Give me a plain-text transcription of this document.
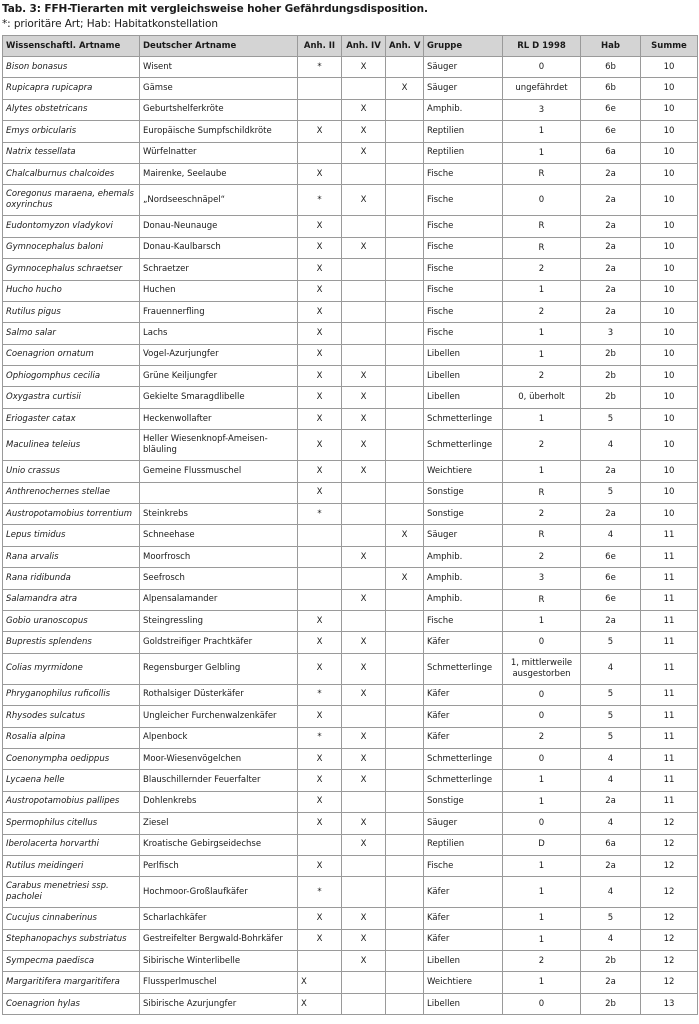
Tab. 3: FFH-Tierarten mit vergleichsweise hoher Gefährdungsdisposition.
*: prioritäre Art; Hab: Habitatkonstellation
Wissenschaftl. Artname	Deutscher Artname	Anh. II	Anh. IV	Anh. V	Gruppe	RL D 1998	Hab	Summe
Bison bonasus	Wisent	*	X		Säuger	0	6b	10
Rupicapra rupicapra	Gämse			X	Säuger	ungefährdet	6b	10
Alytes obstetricans	Geburtshelferkröte		X		Amphib.	3	6e	10
Emys orbicularis	Europäische Sumpfschildkröte	X	X		Reptilien	1	6e	10
Natrix tessellata	Würfelnatter		X		Reptilien	1	6a	10
Chalcalburnus chalcoides	Mairenke, Seelaube	X			Fische	R	2a	10
Coregonus maraena, ehemals oxyrinchus	„Nordseeschnäpel“	*	X		Fische	0	2a	10
Eudontomyzon vladykovi	Donau-Neunauge	X			Fische	R	2a	10
Gymnocephalus baloni	Donau-Kaulbarsch	X	X		Fische	R	2a	10
Gymnocephalus schraetser	Schraetzer	X			Fische	2	2a	10
Hucho hucho	Huchen	X			Fische	1	2a	10
Rutilus pigus	Frauennerfling	X			Fische	2	2a	10
Salmo salar	Lachs	X			Fische	1	3	10
Coenagrion ornatum	Vogel-Azurjungfer	X			Libellen	1	2b	10
Ophiogomphus cecilia	Grüne Keiljungfer	X	X		Libellen	2	2b	10
Oxygastra curtisii	Gekielte Smaragdlibelle	X	X		Libellen	0, überholt	2b	10
Eriogaster catax	Heckenwollafter	X	X		Schmetterlinge	1	5	10
Maculinea teleius	Heller Wiesenknopf-Ameisen-bläuling	X	X		Schmetterlinge	2	4	10
Unio crassus	Gemeine Flussmuschel	X	X		Weichtiere	1	2a	10
Anthrenochernes stellae		X			Sonstige	R	5	10
Austropotamobius torrentium	Steinkrebs	*			Sonstige	2	2a	10
Lepus timidus	Schneehase			X	Säuger	R	4	11
Rana arvalis	Moorfrosch		X		Amphib.	2	6e	11
Rana ridibunda	Seefrosch			X	Amphib.	3	6e	11
Salamandra atra	Alpensalamander		X		Amphib.	R	6e	11
Gobio uranoscopus	Steingressling	X			Fische	1	2a	11
Buprestis splendens	Goldstreifiger Prachtkäfer	X	X		Käfer	0	5	11
Colias myrmidone	Regensburger Gelbling	X	X		Schmetterlinge	1, mittlerweile ausgestorben	4	11
Phryganophilus ruficollis	Rothalsiger Düsterkäfer	*	X		Käfer	0	5	11
Rhysodes sulcatus	Ungleicher Furchenwalzenkäfer	X			Käfer	0	5	11
Rosalia alpina	Alpenbock	*	X		Käfer	2	5	11
Coenonympha oedippus	Moor-Wiesenvögelchen	X	X		Schmetterlinge	0	4	11
Lycaena helle	Blauschillernder Feuerfalter	X	X		Schmetterlinge	1	4	11
Austropotamobius pallipes	Dohlenkrebs	X			Sonstige	1	2a	11
Spermophilus citellus	Ziesel	X	X		Säuger	0	4	12
Iberolacerta horvarthi	Kroatische Gebirgseidechse		X		Reptilien	D	6a	12
Rutilus meidingeri	Perlfisch	X			Fische	1	2a	12
Carabus menetriesi ssp. pacholei	Hochmoor-Großlaufkäfer	*			Käfer	1	4	12
Cucujus cinnaberinus	Scharlachkäfer	X	X		Käfer	1	5	12
Stephanopachys substriatus	Gestreifelter Bergwald-Bohrkäfer	X	X		Käfer	1	4	12
Sympecma paedisca	Sibirische Winterlibelle		X		Libellen	2	2b	12
Margaritifera margaritifera	Flussperlmuschel	X			Weichtiere	1	2a	12
Coenagrion hylas	Sibirische Azurjungfer	X			Libellen	0	2b	13
